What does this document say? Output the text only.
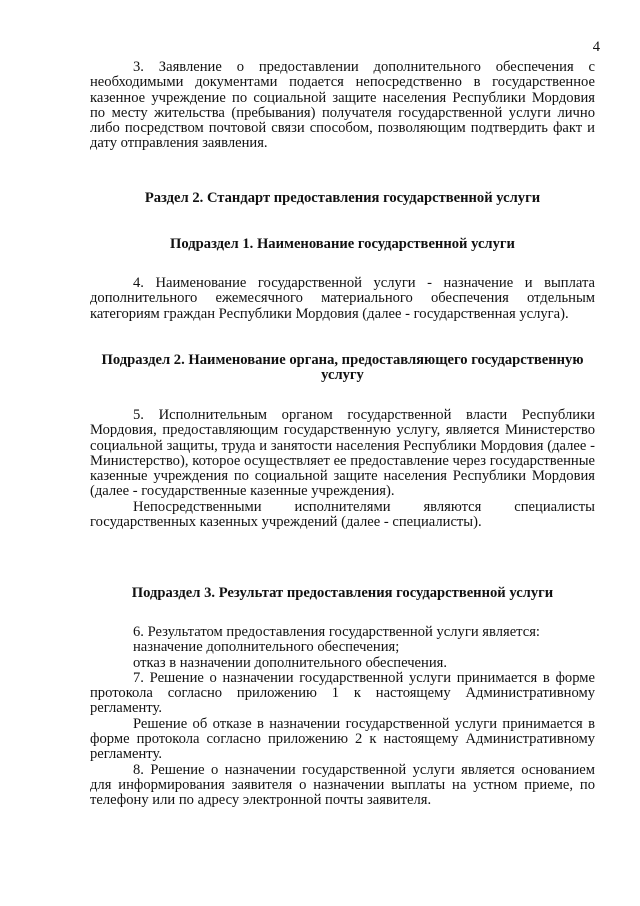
4

3. Заявление о предоставлении дополнительного обеспечения с необходимыми документами подается непосредственно в государственное казенное учреждение по социальной защите населения Республики Мордовия по месту жительства (пребывания) получателя государственной услуги лично либо посредством почтовой связи способом, позволяющим подтвердить факт и дату отправления заявления.

Раздел 2. Стандарт предоставления государственной услуги

Подраздел 1. Наименование государственной услуги

4. Наименование государственной услуги - назначение и выплата дополнительного ежемесячного материального обеспечения отдельным категориям граждан Республики Мордовия (далее - государственная услуга).

Подраздел 2. Наименование органа, предоставляющего государственную услугу

5. Исполнительным органом государственной власти Республики Мордовия, предоставляющим государственную услугу, является Министерство социальной защиты, труда и занятости населения Республики Мордовия (далее - Министерство), которое осуществляет ее предоставление через государственные казенные учреждения по социальной защите населения Республики Мордовия (далее - государственные казенные учреждения).

Непосредственными исполнителями являются специалисты государственных казенных учреждений (далее - специалисты).

Подраздел 3. Результат предоставления государственной услуги

6. Результатом предоставления государственной услуги является:

назначение дополнительного обеспечения;

отказ в назначении дополнительного обеспечения.

7. Решение о назначении государственной услуги принимается в форме протокола согласно приложению 1 к настоящему Административному регламенту.

Решение об отказе в назначении государственной услуги принимается в форме протокола согласно приложению 2 к настоящему Административному регламенту.

8. Решение о назначении государственной услуги является основанием для информирования заявителя о назначении выплаты на устном приеме, по телефону или по адресу электронной почты заявителя.
